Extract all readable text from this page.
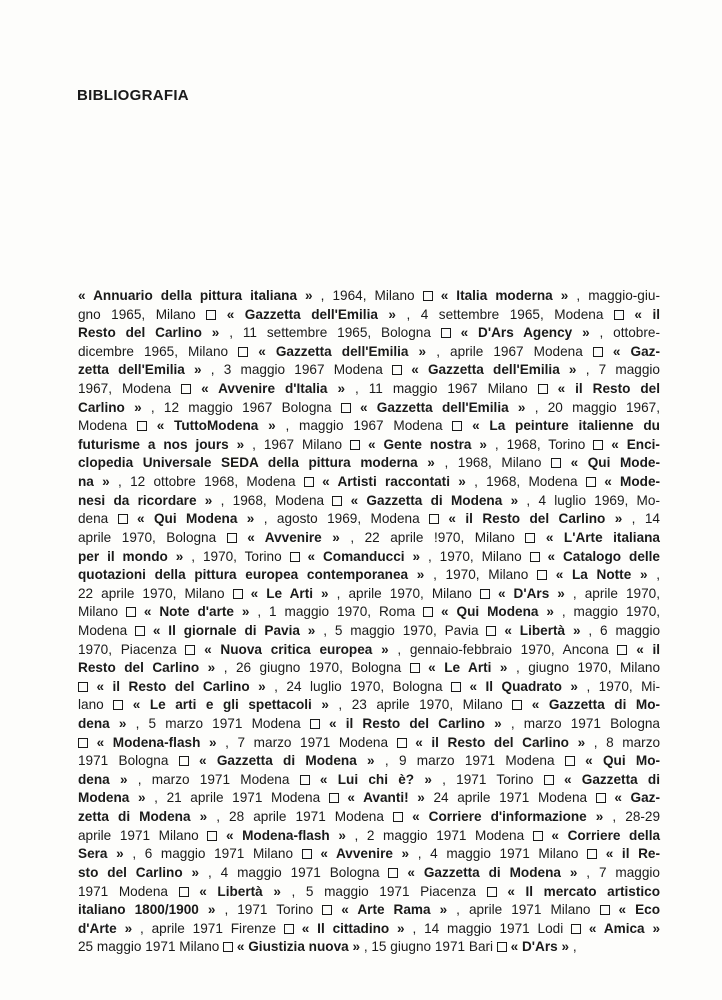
BIBLIOGRAFIA
« Annuario della pittura italiana » , 1964, Milano « Italia moderna » , maggio-giu-
gno 1965, Milano « Gazzetta dell'Emilia » , 4 settembre 1965, Modena « il
Resto del Carlino » , 11 settembre 1965, Bologna « D'Ars Agency » , ottobre-
dicembre 1965, Milano « Gazzetta dell'Emilia » , aprile 1967 Modena « Gaz-
zetta dell'Emilia » , 3 maggio 1967 Modena « Gazzetta dell'Emilia » , 7 maggio
1967, Modena « Avvenire d'Italia » , 11 maggio 1967 Milano « il Resto del
Carlino » , 12 maggio 1967 Bologna « Gazzetta dell'Emilia » , 20 maggio 1967,
Modena « TuttoModena » , maggio 1967 Modena « La peinture italienne du
futurisme a nos jours » , 1967 Milano « Gente nostra » , 1968, Torino « Enci-
clopedia Universale SEDA della pittura moderna » , 1968, Milano « Qui Mode-
na » , 12 ottobre 1968, Modena « Artisti raccontati » , 1968, Modena « Mode-
nesi da ricordare » , 1968, Modena « Gazzetta di Modena » , 4 luglio 1969, Mo-
dena « Qui Modena » , agosto 1969, Modena « il Resto del Carlino » , 14
aprile 1970, Bologna « Avvenire » , 22 aprile !970, Milano « L'Arte italiana
per il mondo » , 1970, Torino « Comanducci » , 1970, Milano « Catalogo delle
quotazioni della pittura europea contemporanea » , 1970, Milano « La Notte » ,
22 aprile 1970, Milano « Le Arti » , aprile 1970, Milano « D'Ars » , aprile 1970,
Milano « Note d'arte » , 1 maggio 1970, Roma « Qui Modena » , maggio 1970,
Modena « Il giornale di Pavia » , 5 maggio 1970, Pavia « Libertà » , 6 maggio
1970, Piacenza « Nuova critica europea » , gennaio-febbraio 1970, Ancona « il
Resto del Carlino » , 26 giugno 1970, Bologna « Le Arti » , giugno 1970, Milano
« il Resto del Carlino » , 24 luglio 1970, Bologna « Il Quadrato » , 1970, Mi-
lano « Le arti e gli spettacoli » , 23 aprile 1970, Milano « Gazzetta di Mo-
dena » , 5 marzo 1971 Modena « il Resto del Carlino » , marzo 1971 Bologna
« Modena-flash » , 7 marzo 1971 Modena « il Resto del Carlino » , 8 marzo
1971 Bologna « Gazzetta di Modena » , 9 marzo 1971 Modena « Qui Mo-
dena » , marzo 1971 Modena « Lui chi è? » , 1971 Torino « Gazzetta di
Modena » , 21 aprile 1971 Modena « Avanti! » 24 aprile 1971 Modena « Gaz-
zetta di Modena » , 28 aprile 1971 Modena « Corriere d'informazione » , 28-29
aprile 1971 Milano « Modena-flash » , 2 maggio 1971 Modena « Corriere della
Sera » , 6 maggio 1971 Milano « Avvenire » , 4 maggio 1971 Milano « il Re-
sto del Carlino » , 4 maggio 1971 Bologna « Gazzetta di Modena » , 7 maggio
1971 Modena « Libertà » , 5 maggio 1971 Piacenza « Il mercato artistico
italiano 1800/1900 » , 1971 Torino « Arte Rama » , aprile 1971 Milano « Eco
d'Arte » , aprile 1971 Firenze « Il cittadino » , 14 maggio 1971 Lodi « Amica »
25 maggio 1971 Milano « Giustizia nuova » , 15 giugno 1971 Bari « D'Ars » ,
